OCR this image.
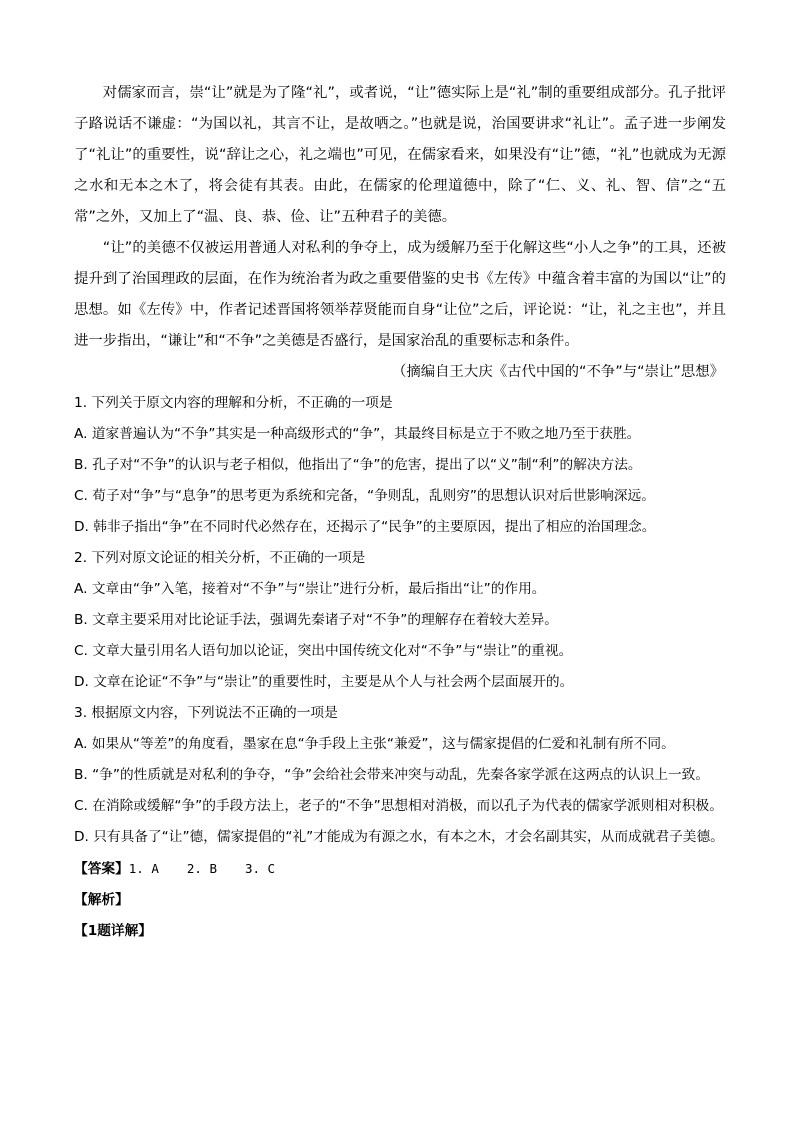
对儒家而言，崇“让”就是为了隆“礼”，或者说，“让”德实际上是“礼”制的重要组成部分。孔子批评子路说话不谦虚：“为国以礼，其言不让，是故哂之。”也就是说，治国要讲求“礼让”。孟子进一步阐发了“礼让”的重要性，说“辞让之心，礼之端也”可见，在儒家看来，如果没有“让”德，“礼”也就成为无源之水和无本之木了，将会徒有其表。由此，在儒家的伦理道德中，除了“仁、义、礼、智、信”之“五常”之外，又加上了“温、良、恭、俭、让”五种君子的美德。

“让”的美德不仅被运用普通人对私利的争夺上，成为缓解乃至于化解这些“小人之争”的工具，还被提升到了治国理政的层面，在作为统治者为政之重要借鉴的史书《左传》中蕴含着丰富的为国以“让”的思想。如《左传》中，作者记述晋国将领举荐贤能而自身“让位”之后，评论说：“让，礼之主也”，并且进一步指出，“谦让”和“不争”之美德是否盛行，是国家治乱的重要标志和条件。

（摘编自王大庆《古代中国的“不争”与“崇让”思想》

1. 下列关于原文内容的理解和分析，不正确的一项是

A. 道家普遍认为“不争”其实是一种高级形式的“争”，其最终目标是立于不败之地乃至于获胜。

B. 孔子对“不争”的认识与老子相似，他指出了“争”的危害，提出了以“义”制“利”的解决方法。

C. 荀子对“争”与“息争”的思考更为系统和完备，“争则乱，乱则穷”的思想认识对后世影响深远。

D. 韩非子指出“争”在不同时代必然存在，还揭示了“民争”的主要原因，提出了相应的治国理念。

2. 下列对原文论证的相关分析，不正确的一项是

A. 文章由“争”入笔，接着对“不争”与“崇让”进行分析，最后指出“让”的作用。

B. 文章主要采用对比论证手法，强调先秦诸子对“不争”的理解存在着较大差异。

C. 文章大量引用名人语句加以论证，突出中国传统文化对“不争”与“崇让”的重视。

D. 文章在论证“不争”与“崇让”的重要性时，主要是从个人与社会两个层面展开的。

3. 根据原文内容，下列说法不正确的一项是

A. 如果从“等差”的角度看，墨家在息“争手段上主张“兼爱”，这与儒家提倡的仁爱和礼制有所不同。

B. “争”的性质就是对私利的争夺，“争”会给社会带来冲突与动乱，先秦各家学派在这两点的认识上一致。

C. 在消除或缓解“争”的手段方法上，老子的“不争”思想相对消极，而以孔子为代表的儒家学派则相对积极。

D. 只有具备了“让”德，儒家提倡的“礼”才能成为有源之水，有本之木，才会名副其实，从而成就君子美德。

【答案】1. A 2. B 3. C

【解析】

【1题详解】
